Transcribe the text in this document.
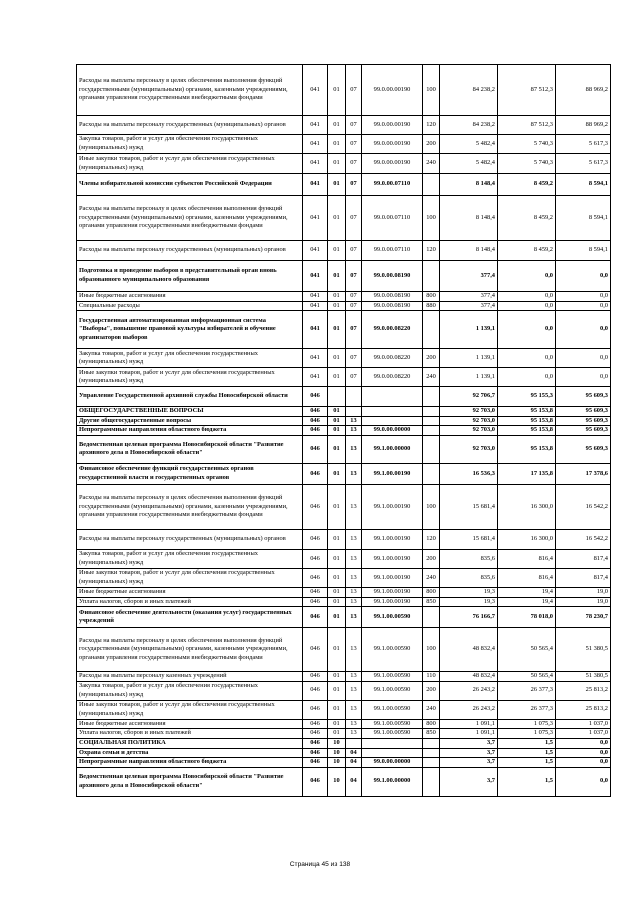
Расходы на выплаты персоналу в целях обеспечения выполнения функций государственными (муниципальными) органами, казенными учреждениями, органами управления государственными внебюджетными фондами	041	01	07	99.0.00.00190	100	84 238,2	87 512,3	88 969,2
Расходы на выплаты персоналу государственных (муниципальных) органов	041	01	07	99.0.00.00190	120	84 238,2	87 512,3	88 969,2
Закупка товаров, работ и услуг для обеспечения государственных (муниципальных) нужд	041	01	07	99.0.00.00190	200	5 482,4	5 740,3	5 617,3
Иные закупки товаров, работ и услуг для обеспечения государственных (муниципальных) нужд	041	01	07	99.0.00.00190	240	5 482,4	5 740,3	5 617,3
Члены избирательной комиссии субъектов Российской Федерации	041	01	07	99.0.00.07110		8 148,4	8 459,2	8 594,1
Расходы на выплаты персоналу в целях обеспечения выполнения функций государственными (муниципальными) органами, казенными учреждениями, органами управления государственными внебюджетными фондами	041	01	07	99.0.00.07110	100	8 148,4	8 459,2	8 594,1
Расходы на выплаты персоналу государственных (муниципальных) органов	041	01	07	99.0.00.07110	120	8 148,4	8 459,2	8 594,1
Подготовка и проведение выборов в представительный орган вновь образованного муниципального образования	041	01	07	99.0.00.08190		377,4	0,0	0,0
Иные бюджетные ассигнования	041	01	07	99.0.00.08190	800	377,4	0,0	0,0
Специальные расходы	041	01	07	99.0.00.08190	880	377,4	0,0	0,0
Государственная автоматизированная информационная система "Выборы", повышение правовой культуры избирателей и обучение организаторов выборов	041	01	07	99.0.00.08220		1 139,1	0,0	0,0
Закупка товаров, работ и услуг для обеспечения государственных (муниципальных) нужд	041	01	07	99.0.00.08220	200	1 139,1	0,0	0,0
Иные закупки товаров, работ и услуг для обеспечения государственных (муниципальных) нужд	041	01	07	99.0.00.08220	240	1 139,1	0,0	0,0
Управление Государственной архивной службы Новосибирской области	046					92 706,7	95 155,3	95 609,3
ОБЩЕГОСУДАРСТВЕННЫЕ ВОПРОСЫ	046	01				92 703,0	95 153,8	95 609,3
Другие общегосударственные вопросы	046	01	13			92 703,0	95 153,8	95 609,3
Непрограммные направления областного бюджета	046	01	13	99.0.00.00000		92 703,0	95 153,8	95 609,3
Ведомственная целевая программа Новосибирской области "Развитие архивного дела в Новосибирской области"	046	01	13	99.1.00.00000		92 703,0	95 153,8	95 609,3
Финансовое обеспечение функций государственных органов государственной власти и государственных органов	046	01	13	99.1.00.00190		16 536,3	17 135,8	17 378,6
Расходы на выплаты персоналу в целях обеспечения выполнения функций государственными (муниципальными) органами, казенными учреждениями, органами управления государственными внебюджетными фондами	046	01	13	99.1.00.00190	100	15 681,4	16 300,0	16 542,2
Расходы на выплаты персоналу государственных (муниципальных) органов	046	01	13	99.1.00.00190	120	15 681,4	16 300,0	16 542,2
Закупка товаров, работ и услуг для обеспечения государственных (муниципальных) нужд	046	01	13	99.1.00.00190	200	835,6	816,4	817,4
Иные закупки товаров, работ и услуг для обеспечения государственных (муниципальных) нужд	046	01	13	99.1.00.00190	240	835,6	816,4	817,4
Иные бюджетные ассигнования	046	01	13	99.1.00.00190	800	19,3	19,4	19,0
Уплата налогов, сборов и иных платежей	046	01	13	99.1.00.00190	850	19,3	19,4	19,0
Финансовое обеспечение деятельности (оказания услуг) государственных учреждений	046	01	13	99.1.00.00590		76 166,7	78 018,0	78 230,7
Расходы на выплаты персоналу в целях обеспечения выполнения функций государственными (муниципальными) органами, казенными учреждениями, органами управления государственными внебюджетными фондами	046	01	13	99.1.00.00590	100	48 832,4	50 565,4	51 380,5
Расходы на выплаты персоналу казенных учреждений	046	01	13	99.1.00.00590	110	48 832,4	50 565,4	51 380,5
Закупка товаров, работ и услуг для обеспечения государственных (муниципальных) нужд	046	01	13	99.1.00.00590	200	26 243,2	26 377,3	25 813,2
Иные закупки товаров, работ и услуг для обеспечения государственных (муниципальных) нужд	046	01	13	99.1.00.00590	240	26 243,2	26 377,3	25 813,2
Иные бюджетные ассигнования	046	01	13	99.1.00.00590	800	1 091,1	1 075,3	1 037,0
Уплата налогов, сборов и иных платежей	046	01	13	99.1.00.00590	850	1 091,1	1 075,3	1 037,0
СОЦИАЛЬНАЯ ПОЛИТИКА	046	10				3,7	1,5	0,0
Охрана семьи и детства	046	10	04			3,7	1,5	0,0
Непрограммные направления областного бюджета	046	10	04	99.0.00.00000		3,7	1,5	0,0
Ведомственная целевая программа Новосибирской области "Развитие архивного дела в Новосибирской области"	046	10	04	99.1.00.00000		3,7	1,5	0,0
Страница 45 из 138
